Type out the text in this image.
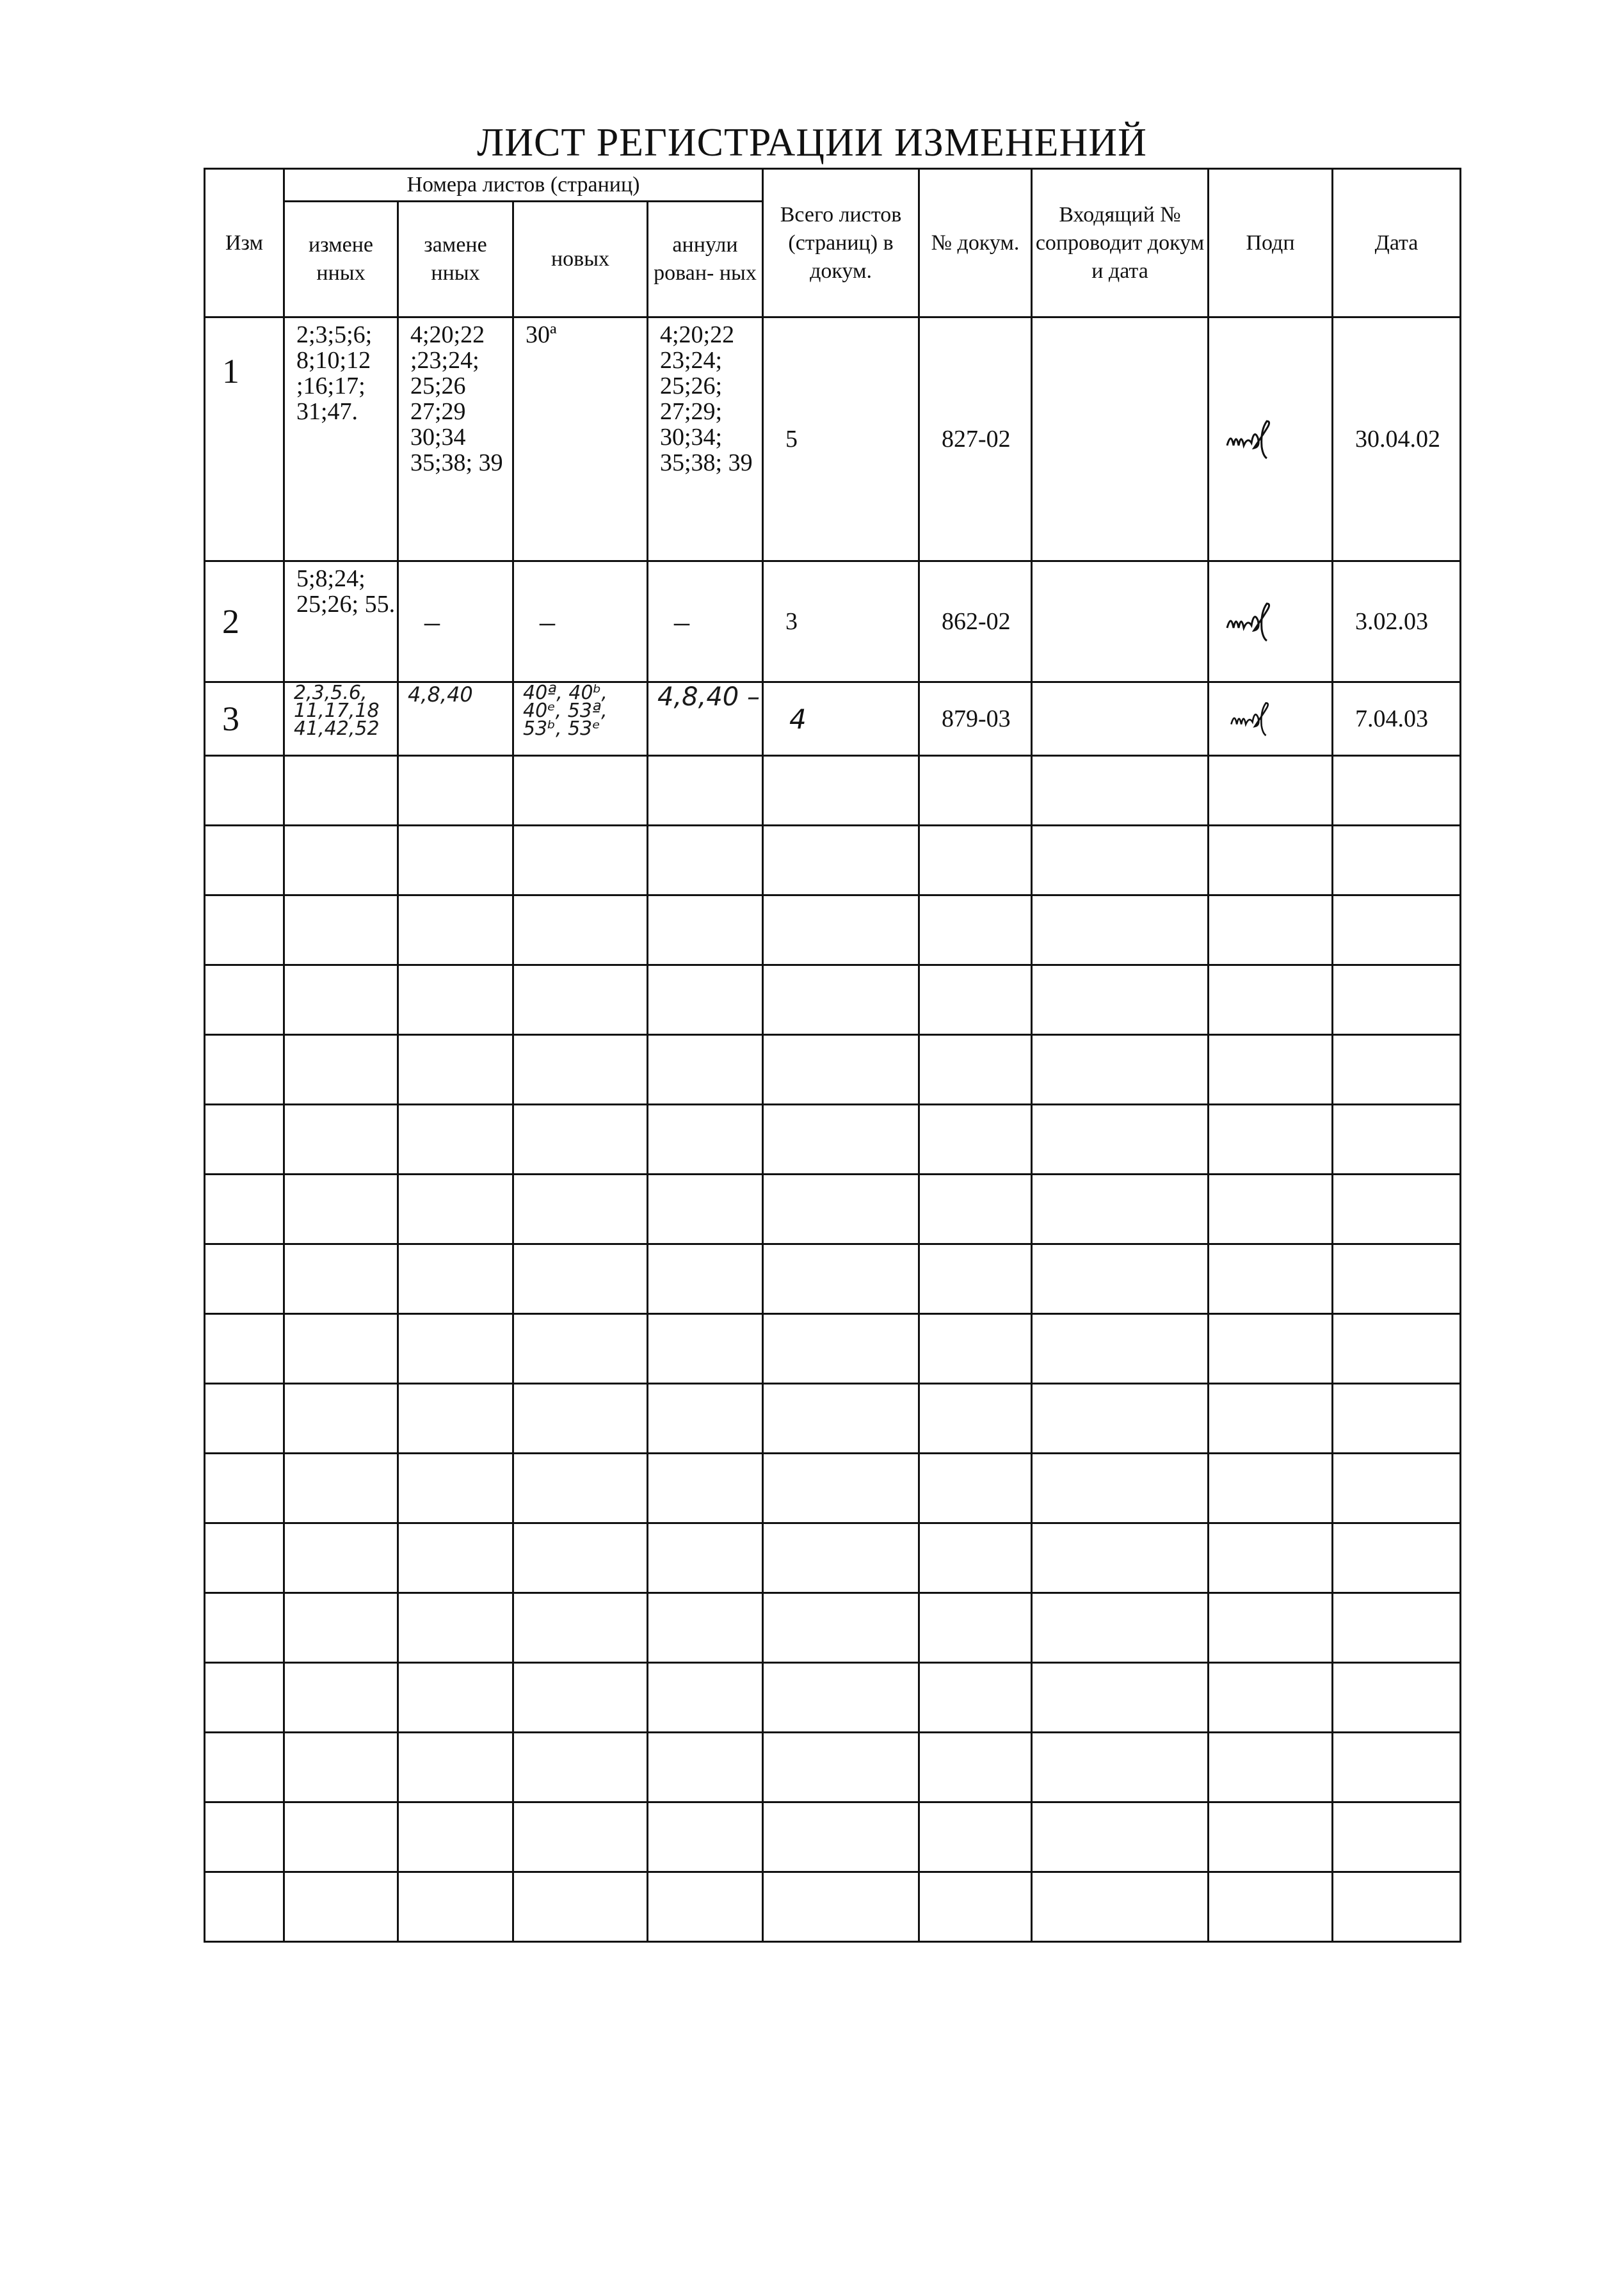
ЛИСТ РЕГИСТРАЦИИ ИЗМЕНЕНИЙ
Изм	Номера листов (страниц)				Всего листов (страниц) в докум.	№ докум.	Входящий № сопроводит докум и дата	Подп	Дата
	измене нных	замене нных	новых	аннули рован- ных					
1	2;3;5;6; 8;10;12 ;16;17; 31;47.	4;20;22 ;23;24; 25;26 27;29 30;34 35;38; 39	30ª	4;20;22 23;24; 25;26; 27;29; 30;34; 35;38; 39	5	827-02			30.04.02
2	5;8;24; 25;26; 55.	–	–	–	3	862-02			3.02.03
3	2,3,5.6, 11,17,18 41,42,52	4,8,40	40ª, 40ᵇ, 40ᵉ, 53ª, 53ᵇ, 53ᵉ	4,8,40 –	4	879-03			7.04.03
